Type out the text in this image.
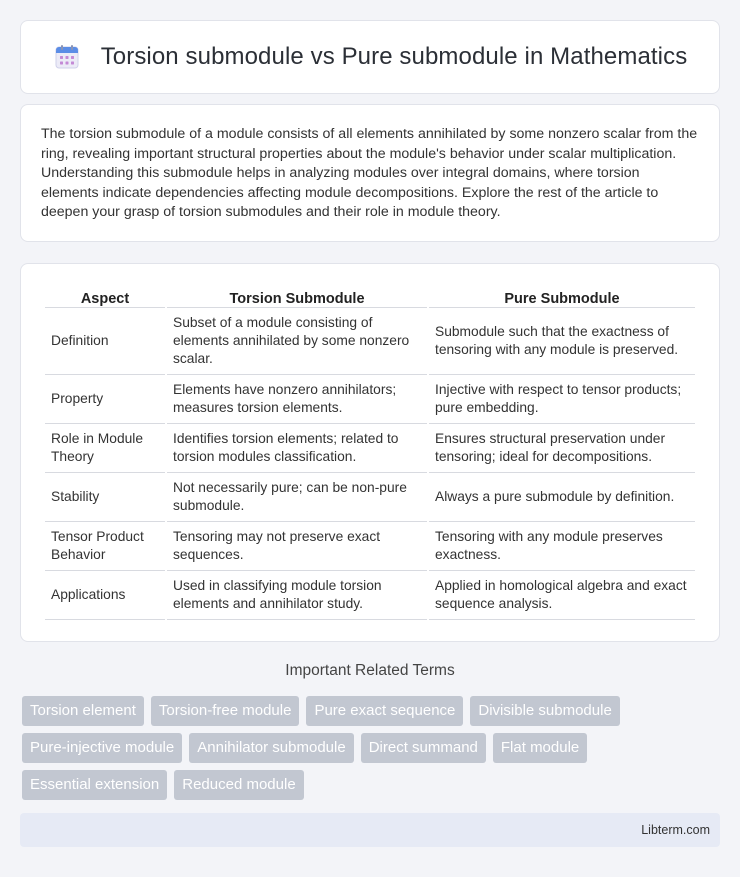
Torsion submodule vs Pure submodule in Mathematics

The torsion submodule of a module consists of all elements annihilated by some nonzero scalar from the ring, revealing important structural properties about the module's behavior under scalar multiplication. Understanding this submodule helps in analyzing modules over integral domains, where torsion elements indicate dependencies affecting module decompositions. Explore the rest of the article to deepen your grasp of torsion submodules and their role in module theory.

Aspect	Torsion Submodule	Pure Submodule
Definition	Subset of a module consisting of elements annihilated by some nonzero scalar.	Submodule such that the exactness of tensoring with any module is preserved.
Property	Elements have nonzero annihilators; measures torsion elements.	Injective with respect to tensor products; pure embedding.
Role in Module Theory	Identifies torsion elements; related to torsion modules classification.	Ensures structural preservation under tensoring; ideal for decompositions.
Stability	Not necessarily pure; can be non-pure submodule.	Always a pure submodule by definition.
Tensor Product Behavior	Tensoring may not preserve exact sequences.	Tensoring with any module preserves exactness.
Applications	Used in classifying module torsion elements and annihilator study.	Applied in homological algebra and exact sequence analysis.
Important Related Terms
Torsion element	Torsion-free module	Pure exact sequence	Divisible submodule
Pure-injective module	Annihilator submodule	Direct summand	Flat module
Essential extension	Reduced module
Libterm.com
